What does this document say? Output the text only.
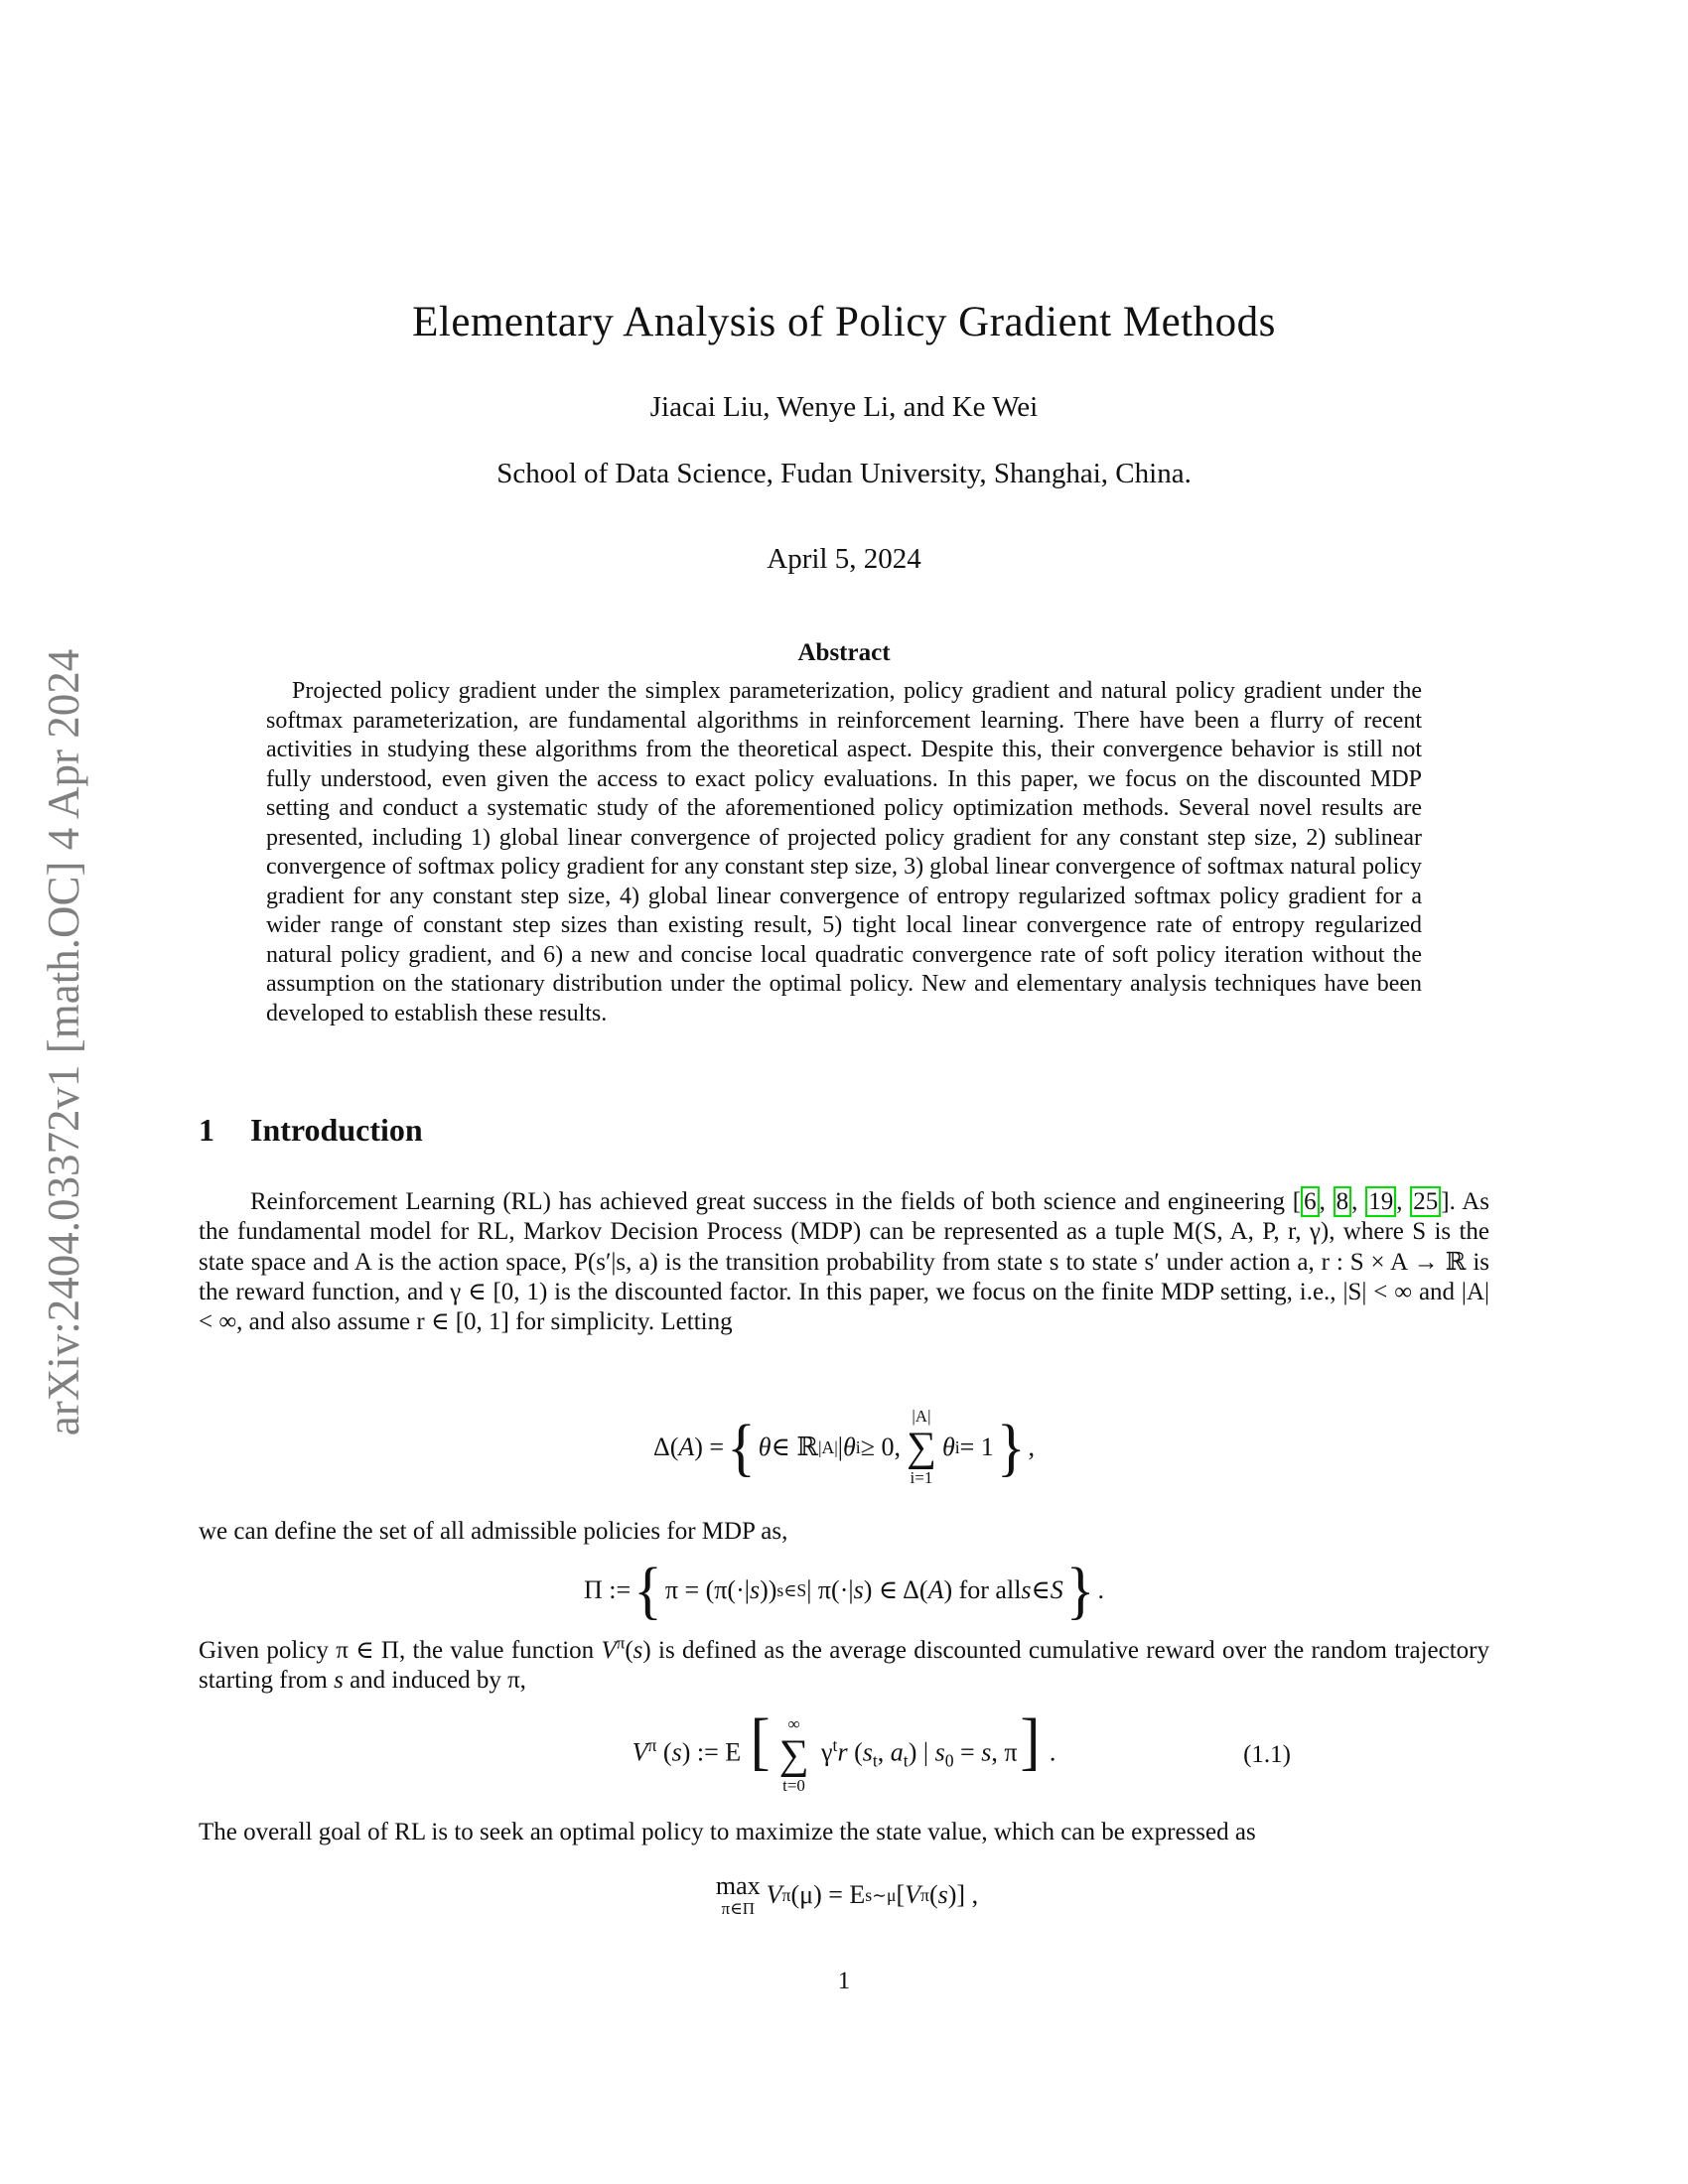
arXiv:2404.03372v1 [math.OC] 4 Apr 2024
Elementary Analysis of Policy Gradient Methods
Jiacai Liu, Wenye Li, and Ke Wei
School of Data Science, Fudan University, Shanghai, China.
April 5, 2024
Abstract
Projected policy gradient under the simplex parameterization, policy gradient and natural policy gradient under the softmax parameterization, are fundamental algorithms in reinforcement learning. There have been a flurry of recent activities in studying these algorithms from the theoretical aspect. Despite this, their convergence behavior is still not fully understood, even given the access to exact policy evaluations. In this paper, we focus on the discounted MDP setting and conduct a systematic study of the aforementioned policy optimization methods. Several novel results are presented, including 1) global linear convergence of projected policy gradient for any constant step size, 2) sublinear convergence of softmax policy gradient for any constant step size, 3) global linear convergence of softmax natural policy gradient for any constant step size, 4) global linear convergence of entropy regularized softmax policy gradient for a wider range of constant step sizes than existing result, 5) tight local linear convergence rate of entropy regularized natural policy gradient, and 6) a new and concise local quadratic convergence rate of soft policy iteration without the assumption on the stationary distribution under the optimal policy. New and elementary analysis techniques have been developed to establish these results.
1 Introduction
Reinforcement Learning (RL) has achieved great success in the fields of both science and engineering [ 6 , 8 , 19 , 25 ]. As the fundamental model for RL, Markov Decision Process (MDP) can be represented as a tuple M(S, A, P, r, γ), where S is the state space and A is the action space, P(s′|s, a) is the transition probability from state s to state s′ under action a, r : S × A → ℝ is the reward function, and γ ∈ [0, 1) is the discounted factor. In this paper, we focus on the finite MDP setting, i.e., |S| < ∞ and |A| < ∞, and also assume r ∈ [0, 1] for simplicity. Letting
Δ( A ) = { θ ∈ ℝ |A| | θ i ≥ 0,
|A|
∑
i=1
θ i = 1 } ,
we can define the set of all admissible policies for MDP as,
Π := { π = (π(·| s )) s∈S | π(·| s ) ∈ Δ( A ) for all s ∈ S } .
Given policy π ∈ Π, the value function $V^\pi(s)$ is defined as the average discounted cumulative reward over the random trajectory starting from s and induced by π,
$V^\pi$ (s) := E [ ∞
∑
t=0
$\gamma^tr$ ($s_t$, $a_t$) | $s_0 = s$, π] .	(1.1)
The overall goal of RL is to seek an optimal policy to maximize the state value, which can be expressed as
max
π∈Π V π (μ) = E s∼μ [ V π ( s )] ,
1
